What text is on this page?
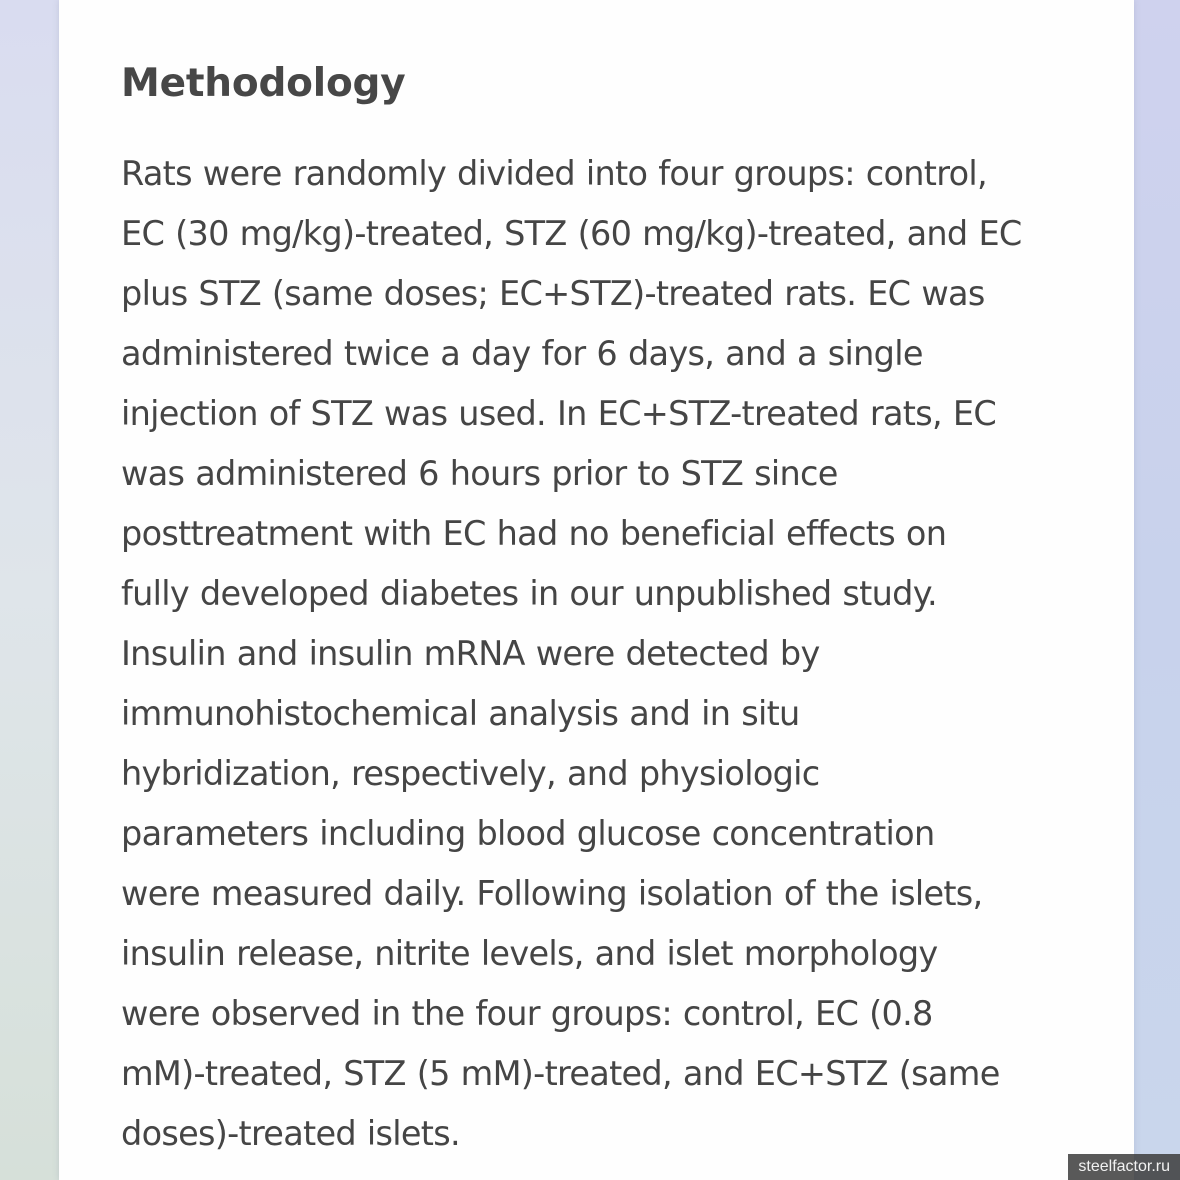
Methodology

Rats were randomly divided into four groups: control,
EC (30 mg/kg)-treated, STZ (60 mg/kg)-treated, and EC
plus STZ (same doses; EC+STZ)-treated rats. EC was
administered twice a day for 6 days, and a single
injection of STZ was used. In EC+STZ-treated rats, EC
was administered 6 hours prior to STZ since
posttreatment with EC had no beneficial effects on
fully developed diabetes in our unpublished study.
Insulin and insulin mRNA were detected by
immunohistochemical analysis and in situ
hybridization, respectively, and physiologic
parameters including blood glucose concentration
were measured daily. Following isolation of the islets,
insulin release, nitrite levels, and islet morphology
were observed in the four groups: control, EC (0.8
mM)-treated, STZ (5 mM)-treated, and EC+STZ (same
doses)-treated islets.

steelfactor.ru
